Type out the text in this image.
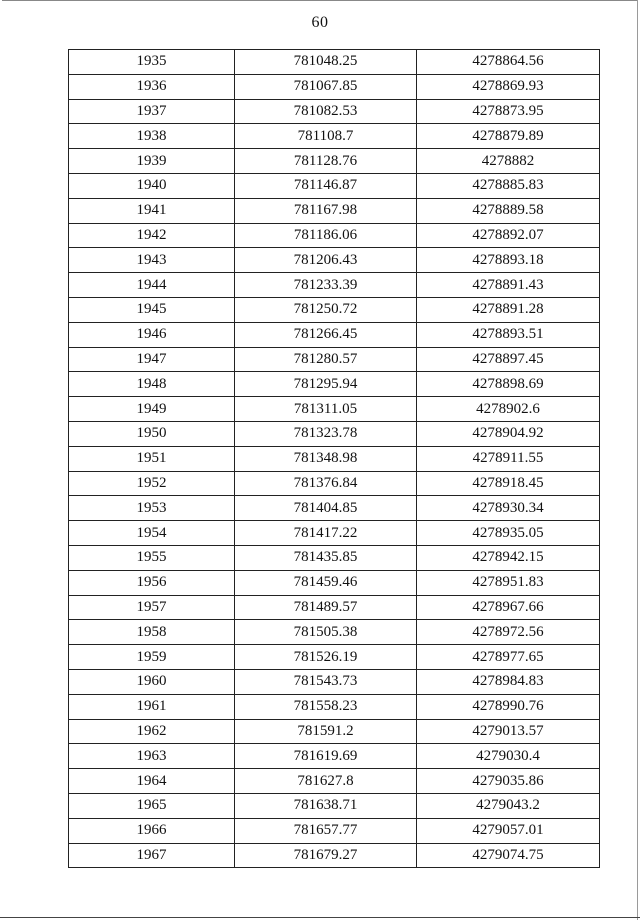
60
1935	781048.25	4278864.56
1936	781067.85	4278869.93
1937	781082.53	4278873.95
1938	781108.7	4278879.89
1939	781128.76	4278882
1940	781146.87	4278885.83
1941	781167.98	4278889.58
1942	781186.06	4278892.07
1943	781206.43	4278893.18
1944	781233.39	4278891.43
1945	781250.72	4278891.28
1946	781266.45	4278893.51
1947	781280.57	4278897.45
1948	781295.94	4278898.69
1949	781311.05	4278902.6
1950	781323.78	4278904.92
1951	781348.98	4278911.55
1952	781376.84	4278918.45
1953	781404.85	4278930.34
1954	781417.22	4278935.05
1955	781435.85	4278942.15
1956	781459.46	4278951.83
1957	781489.57	4278967.66
1958	781505.38	4278972.56
1959	781526.19	4278977.65
1960	781543.73	4278984.83
1961	781558.23	4278990.76
1962	781591.2	4279013.57
1963	781619.69	4279030.4
1964	781627.8	4279035.86
1965	781638.71	4279043.2
1966	781657.77	4279057.01
1967	781679.27	4279074.75
